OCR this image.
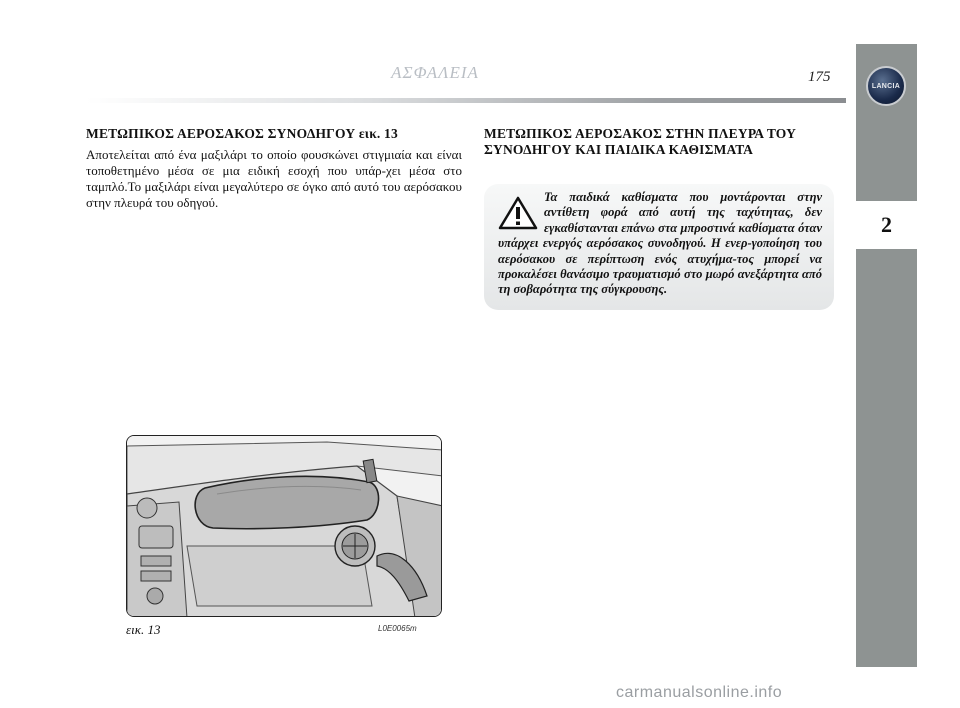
ΑΣΦΑΛΕΙΑ	175
LANCIA
2
ΜΕΤΩΠΙΚΟΣ ΑΕΡΟΣΑΚΟΣ ΣΥΝΟΔΗΓΟΥ εικ. 13
Αποτελείται από ένα μαξιλάρι το οποίο φουσκώνει στιγμιαία και είναι τοποθετημένο μέσα σε μια ειδική εσοχή που υπάρ-χει μέσα στο ταμπλό.Το μαξιλάρι είναι μεγαλύτερο σε όγκο από αυτό του αερόσακου στην πλευρά του οδηγού.
ΜΕΤΩΠΙΚΟΣ ΑΕΡΟΣΑΚΟΣ ΣΤΗΝ ΠΛΕΥΡΑ ΤΟΥ ΣΥΝΟΔΗΓΟΥ ΚΑΙ ΠΑΙΔΙΚΑ ΚΑΘΙΣΜΑΤΑ
Τα παιδικά καθίσματα που μοντάρονται στην αντίθετη φορά από αυτή της ταχύτητας, δεν εγκαθίστανται επάνω στα μπροστινά καθίσματα όταν υπάρχει ενεργός αερόσακος συνοδηγού. Η ενερ-γοποίηση του αερόσακου σε περίπτωση ενός ατυχήμα-τος μπορεί να προκαλέσει θανάσιμο τραυματισμό στο μωρό ανεξάρτητα από τη σοβαρότητα της σύγκρουσης.
εικ. 13	L0E0065m
carmanualsonline.info
